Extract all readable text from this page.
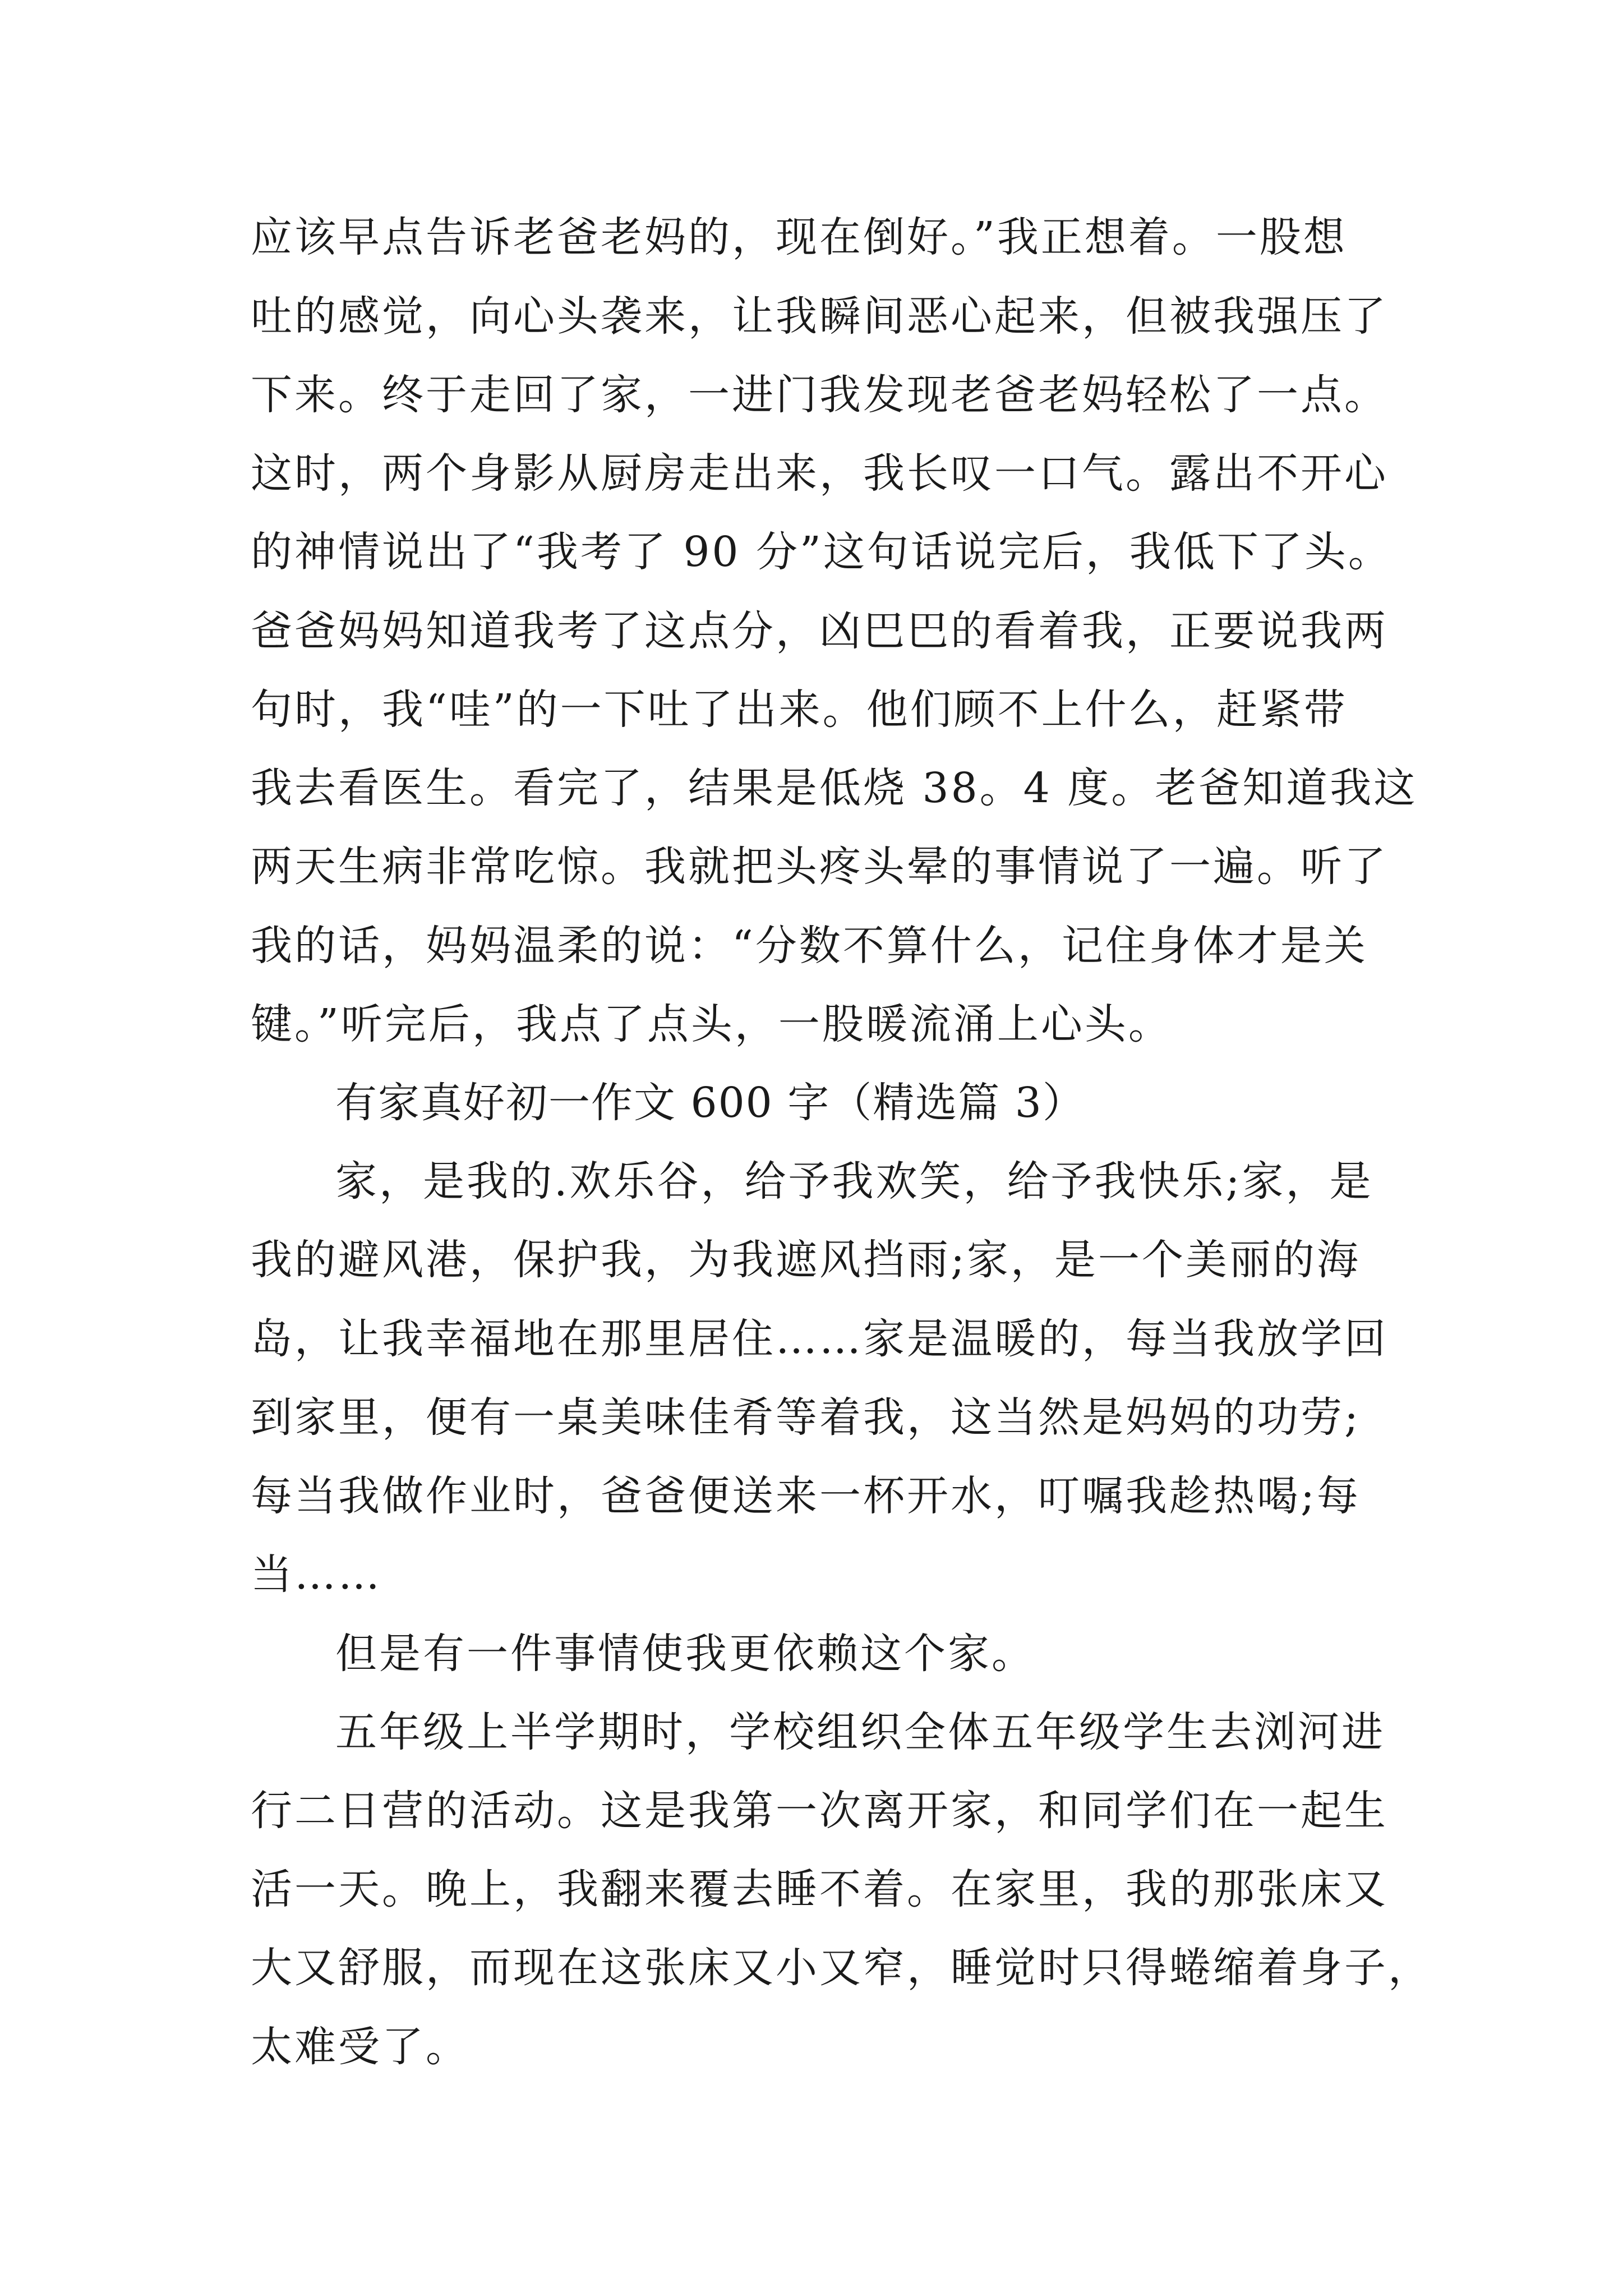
应该早点告诉老爸老妈的，现在倒好。”我正想着。一股想

吐的感觉，向心头袭来，让我瞬间恶心起来，但被我强压了

下来。终于走回了家，一进门我发现老爸老妈轻松了一点。

这时，两个身影从厨房走出来，我长叹一口气。露出不开心

的神情说出了“我考了 90 分”这句话说完后，我低下了头。

爸爸妈妈知道我考了这点分，凶巴巴的看着我，正要说我两

句时，我“哇”的一下吐了出来。他们顾不上什么，赶紧带

我去看医生。看完了，结果是低烧 38。4 度。老爸知道我这

两天生病非常吃惊。我就把头疼头晕的事情说了一遍。听了

我的话，妈妈温柔的说：“分数不算什么，记住身体才是关

键。”听完后，我点了点头，一股暖流涌上心头。

有家真好初一作文 600 字（精选篇 3）

家，是我的.欢乐谷，给予我欢笑，给予我快乐;家，是

我的避风港，保护我，为我遮风挡雨;家，是一个美丽的海

岛，让我幸福地在那里居住……家是温暖的，每当我放学回

到家里，便有一桌美味佳肴等着我，这当然是妈妈的功劳;

每当我做作业时，爸爸便送来一杯开水，叮嘱我趁热喝;每

当……

但是有一件事情使我更依赖这个家。

五年级上半学期时，学校组织全体五年级学生去浏河进

行二日营的活动。这是我第一次离开家，和同学们在一起生

活一天。晚上，我翻来覆去睡不着。在家里，我的那张床又

大又舒服，而现在这张床又小又窄，睡觉时只得蜷缩着身子，

太难受了。
